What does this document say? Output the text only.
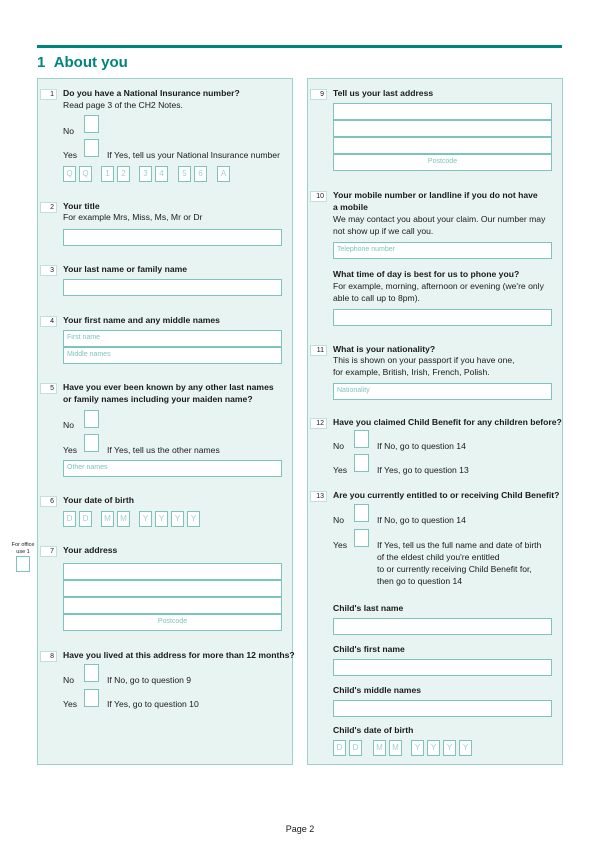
1 About you
1	Do you have a National Insurance number?
Read page 3 of the CH2 Notes.
No
Yes	If Yes, tell us your National Insurance number
Q	Q	1	2	3	4	5	6	A
2	Your title
For example Mrs, Miss, Ms, Mr or Dr
3	Your last name or family name
4	Your first name and any middle names
First name
Middle names
5	Have you ever been known by any other last names
or family names including your maiden name?
No
Yes	If Yes, tell us the other names
Other names
6	Your date of birth
D	D	M	M	Y	Y	Y	Y
For office
use 1	7	Your address
Postcode
8	Have you lived at this address for more than 12 months?
No	If No, go to question 9
Yes	If Yes, go to question 10
9	Tell us your last address
Postcode
10	Your mobile number or landline if you do not have
a mobile
We may contact you about your claim. Our number may
not show up if we call you.
Telephone number
What time of day is best for us to phone you?
For example, morning, afternoon or evening (we're only
able to call up to 8pm).
11	What is your nationality?
This is shown on your passport if you have one,
for example, British, Irish, French, Polish.
Nationality
12	Have you claimed Child Benefit for any children before?
No	If No, go to question 14
Yes	If Yes, go to question 13
13	Are you currently entitled to or receiving Child Benefit?
No	If No, go to question 14
Yes	If Yes, tell us the full name and date of birth
of the eldest child you're entitled
to or currently receiving Child Benefit for,
then go to question 14
Child's last name
Child's first name
Child's middle names
Child's date of birth
D	D	M	M	Y	Y	Y	Y
Page 2
